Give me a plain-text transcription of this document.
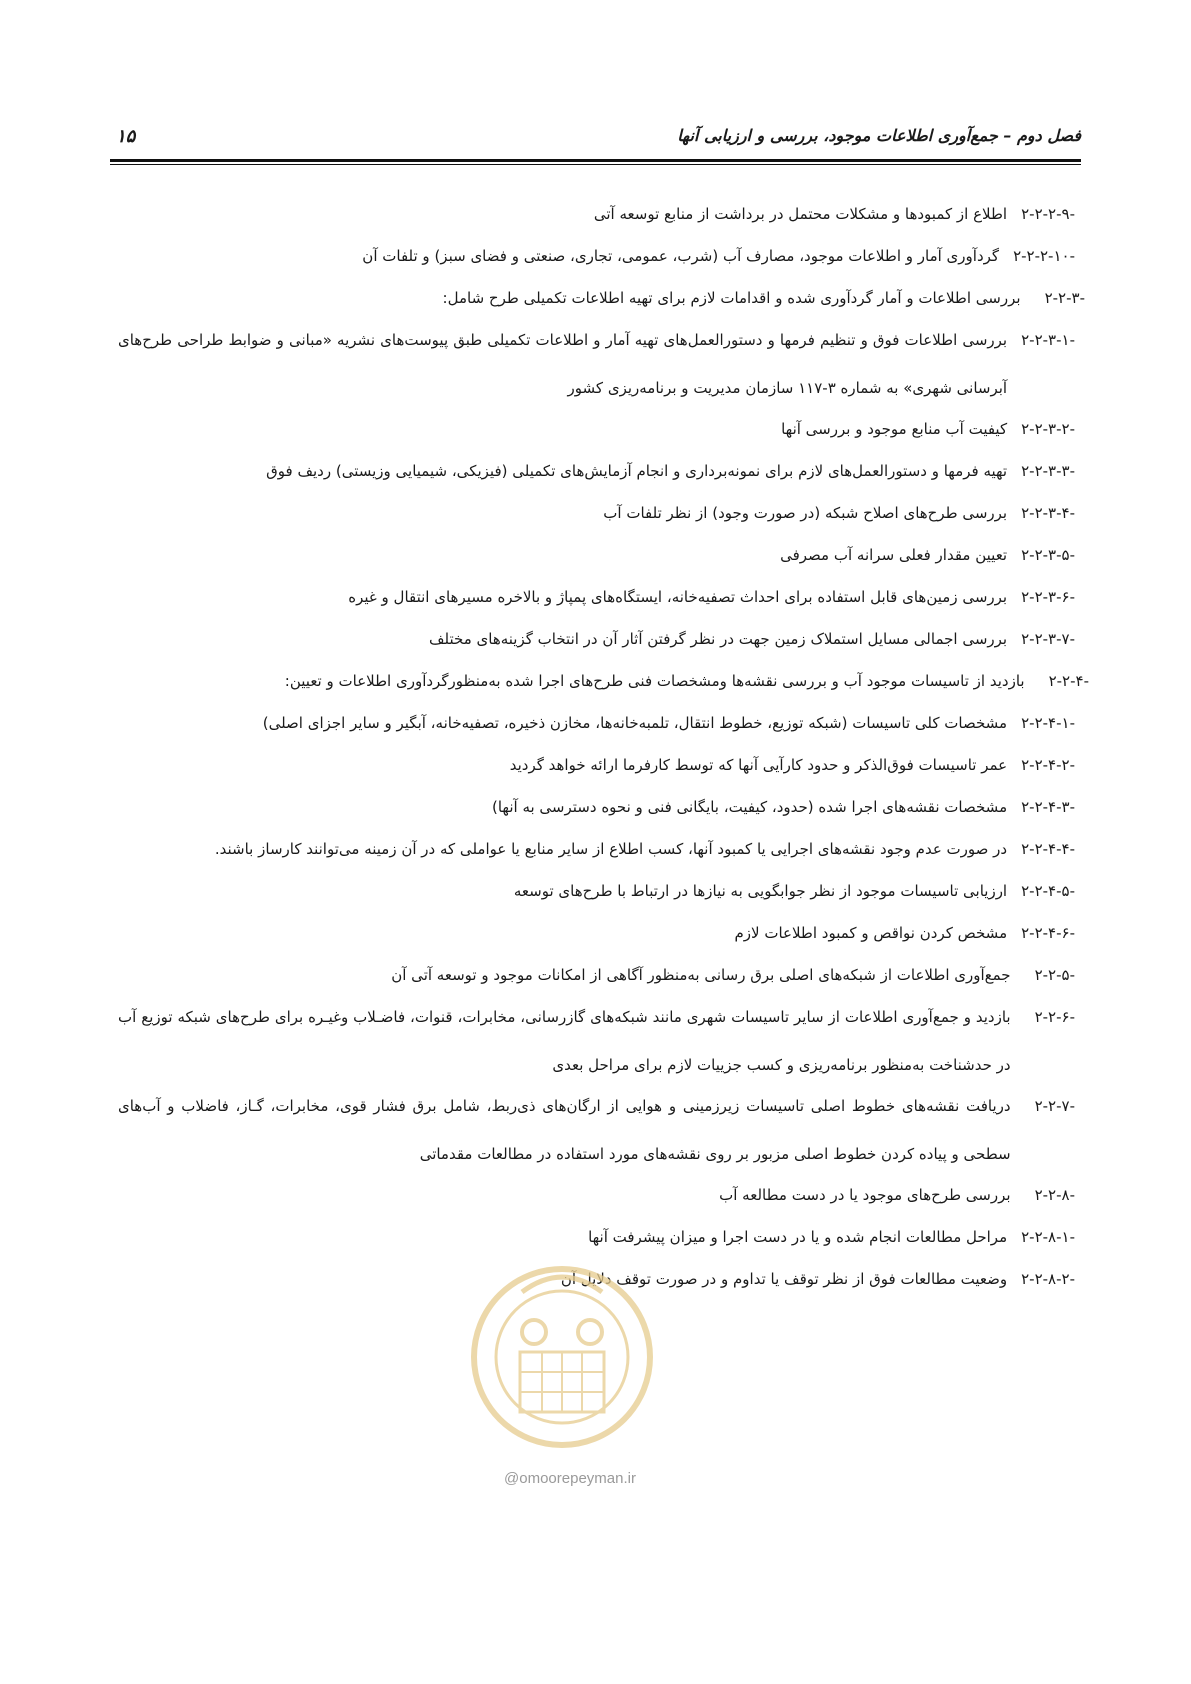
فصل دوم – جمع‌آوری اطلاعات موجود، بررسی و ارزیابی آنها
۱۵
۲-۲-۲-۹-
اطلاع از کمبودها و مشکلات محتمل در برداشت از منابع توسعه آتی
۲-۲-۲-۱۰-
گردآوری آمار و اطلاعات موجود، مصارف آب (شرب، عمومی، تجاری، صنعتی و فضای سبز) و تلفات آن
۲-۲-۳-
بررسی اطلاعات و آمار گردآوری شده و اقدامات لازم برای تهیه اطلاعات تکمیلی طرح شامل:
۲-۲-۳-۱-
بررسی اطلاعات فوق و تنظیم فرمها و دستورالعمل‌های تهیه آمار و اطلاعات تکمیلی طبق پیوست‌های نشریه «مبانی و ضوابط طراحی طرح‌های آبرسانی شهری» به شماره ۳-۱۱۷ سازمان مدیریت و برنامه‌ریزی کشور
۲-۲-۳-۲-
کیفیت آب منابع موجود و بررسی آنها
۲-۲-۳-۳-
تهیه فرمها و دستورالعمل‌های لازم برای نمونه‌برداری و انجام آزمایش‌های تکمیلی (فیزیکی، شیمیایی وزیستی) ردیف فوق
۲-۲-۳-۴-
بررسی طرح‌های اصلاح شبکه (در صورت وجود) از نظر تلفات آب
۲-۲-۳-۵-
تعیین مقدار فعلی سرانه آب مصرفی
۲-۲-۳-۶-
بررسی زمین‌های قابل استفاده برای احداث تصفیه‌خانه، ایستگاه‌های پمپاژ و بالاخره مسیرهای انتقال و غیره
۲-۲-۳-۷-
بررسی اجمالی مسایل استملاک زمین جهت در نظر گرفتن آثار آن در انتخاب گزینه‌های مختلف
۲-۲-۴-
بازدید از تاسیسات موجود آب و بررسی نقشه‌ها ومشخصات فنی طرح‌های اجرا شده به‌منظورگردآوری اطلاعات و تعیین:
۲-۲-۴-۱-
مشخصات کلی تاسیسات (شبکه توزیع، خطوط انتقال، تلمبه‌خانه‌ها، مخازن ذخیره، تصفیه‌خانه، آبگیر و سایر اجزای اصلی)
۲-۲-۴-۲-
عمر تاسیسات فوق‌الذکر و حدود کارآیی آنها که توسط کارفرما ارائه خواهد گردید
۲-۲-۴-۳-
مشخصات نقشه‌های اجرا شده (حدود، کیفیت، بایگانی فنی و نحوه دسترسی به آنها)
۲-۲-۴-۴-
در صورت عدم وجود نقشه‌های اجرایی یا کمبود آنها، کسب اطلاع از سایر منابع یا عواملی که در آن زمینه می‌توانند کارساز باشند.
۲-۲-۴-۵-
ارزیابی تاسیسات موجود از نظر جوابگویی به نیازها در ارتباط با طرح‌های توسعه
۲-۲-۴-۶-
مشخص کردن نواقص و کمبود اطلاعات لازم
۲-۲-۵-
جمع‌آوری اطلاعات از شبکه‌های اصلی برق رسانی به‌منظور آگاهی از امکانات موجود و توسعه آتی آن
۲-۲-۶-
بازدید و جمع‌آوری اطلاعات از سایر تاسیسات شهری مانند شبکه‌های گازرسانی، مخابرات، قنوات، فاضـلاب وغیـره برای طرح‌های شبکه توزیع آب در حدشناخت به‌منظور برنامه‌ریزی و کسب جزییات لازم برای مراحل بعدی
۲-۲-۷-
دریافت نقشه‌های خطوط اصلی تاسیسات زیرزمینی و هوایی از ارگان‌های ذی‌ربط، شامل برق فشار قوی، مخابرات، گـاز، فاضلاب و آب‌های سطحی و پیاده کردن خطوط اصلی مزبور بر روی نقشه‌های مورد استفاده در مطالعات مقدماتی
۲-۲-۸-
بررسی طرح‌های موجود یا در دست مطالعه آب
۲-۲-۸-۱-
مراحل مطالعات انجام شده و یا در دست اجرا و میزان پیشرفت آنها
۲-۲-۸-۲-
وضعیت مطالعات فوق از نظر توقف یا تداوم و در صورت توقف دلایل آن
@omoorepeyman.ir
